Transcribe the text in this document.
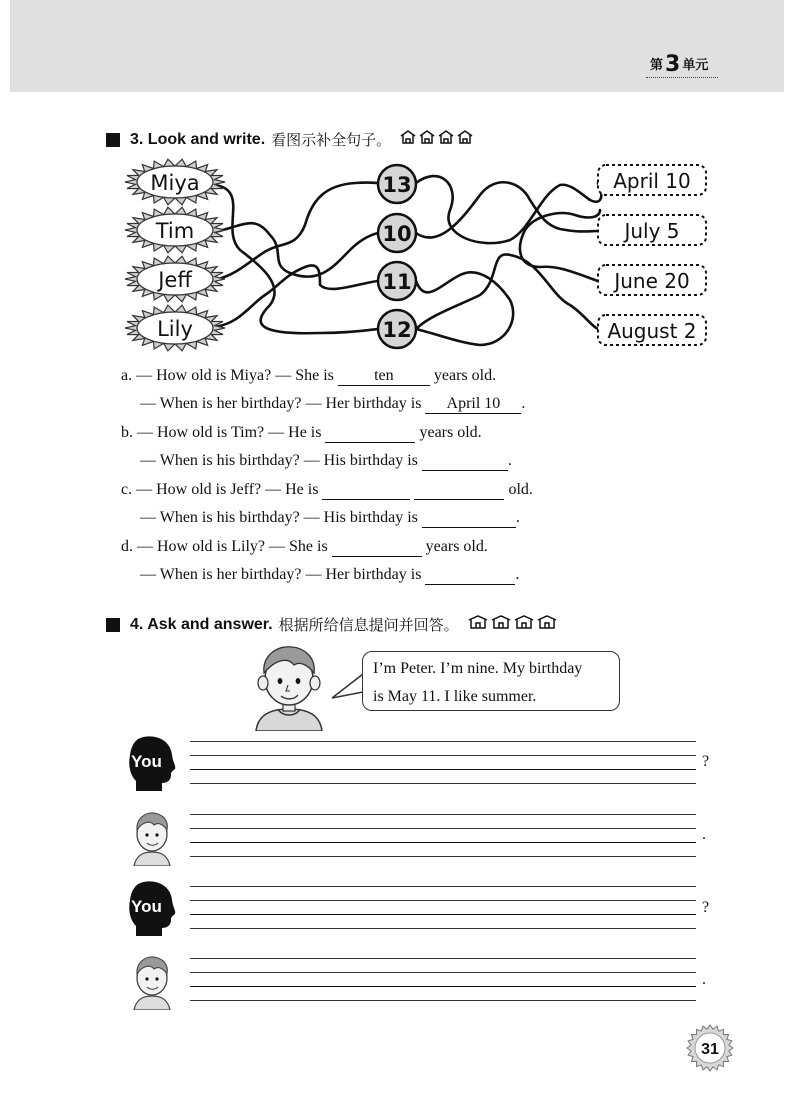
第3 单元
3. Look and write. 看图示补全句子。
Miya
Tim
Jeff
Lily
13
10
11
12
April 10
July 5
June 20
August 2
a. — How old is Miya? — She is	ten	years old.
— When is her birthday? — Her birthday is April 10 .
b. — How old is Tim? — He is	years old.
— When is his birthday? — His birthday is	.
c. — How old is Jeff? — He is	old.
— When is his birthday? — His birthday is	.
d. — How old is Lily? — She is	years old.
— When is her birthday? — Her birthday is	.
4. Ask and answer. 根据所给信息提问并回答。
I’m Peter. I’m nine. My birthday
is May 11. I like summer.
You	?
.
You	?
.
31
